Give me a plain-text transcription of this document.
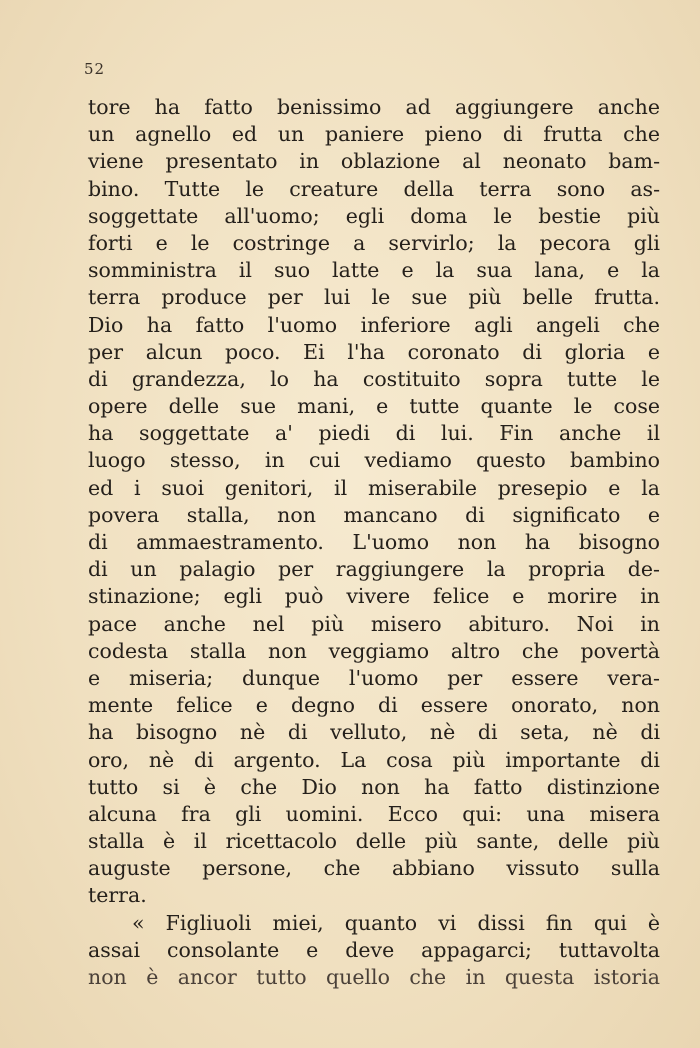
52
tore ha fatto benissimo ad aggiungere anche
un agnello ed un paniere pieno di frutta che
viene presentato in oblazione al neonato bam-
bino. Tutte le creature della terra sono as-
soggettate all'uomo; egli doma le bestie più
forti e le costringe a servirlo; la pecora gli
somministra il suo latte e la sua lana, e la
terra produce per lui le sue più belle frutta.
Dio ha fatto l'uomo inferiore agli angeli che
per alcun poco. Ei l'ha coronato di gloria e
di grandezza, lo ha costituito sopra tutte le
opere delle sue mani, e tutte quante le cose
ha soggettate a' piedi di lui. Fin anche il
luogo stesso, in cui vediamo questo bambino
ed i suoi genitori, il miserabile presepio e la
povera stalla, non mancano di significato e
di ammaestramento. L'uomo non ha bisogno
di un palagio per raggiungere la propria de-
stinazione; egli può vivere felice e morire in
pace anche nel più misero abituro. Noi in
codesta stalla non veggiamo altro che povertà
e miseria; dunque l'uomo per essere vera-
mente felice e degno di essere onorato, non
ha bisogno nè di velluto, nè di seta, nè di
oro, nè di argento. La cosa più importante di
tutto si è che Dio non ha fatto distinzione
alcuna fra gli uomini. Ecco qui: una misera
stalla è il ricettacolo delle più sante, delle più
auguste persone, che abbiano vissuto sulla
terra.
« Figliuoli miei, quanto vi dissi fin qui è
assai consolante e deve appagarci; tuttavolta
non è ancor tutto quello che in questa istoria
